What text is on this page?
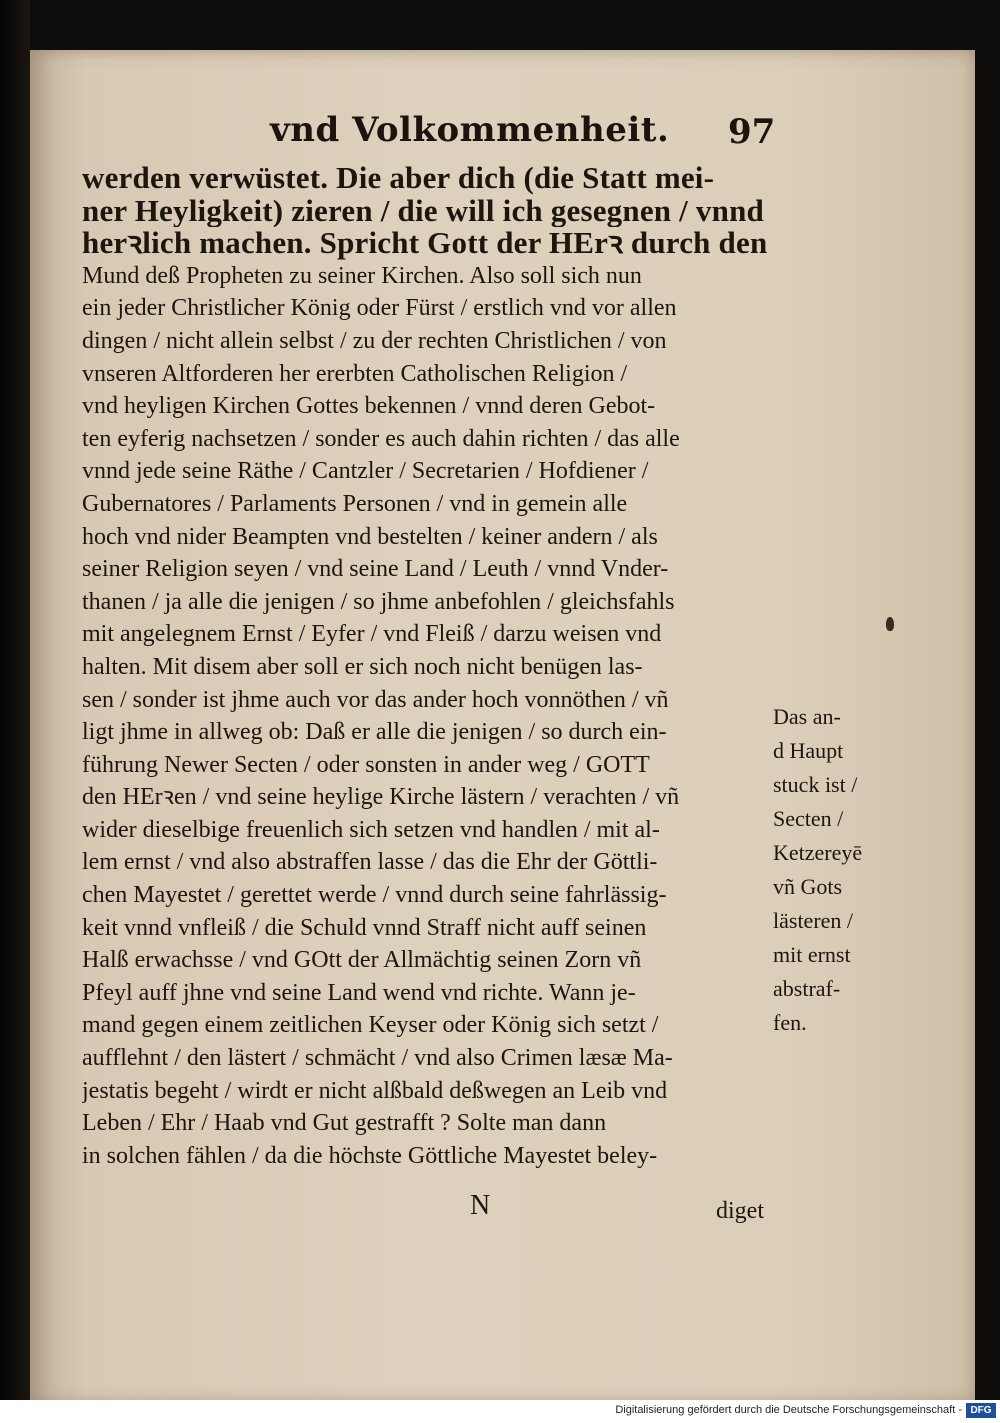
vnd Volkommenheit. 97
werden verwüstet. Die aber dich (die Statt mei-
ner Heyligkeit) zieren / die will ich gesegnen / vnnd
herꝛlich machen. Spricht Gott der HErꝛ durch den
Mund deß Propheten zu seiner Kirchen. Also soll sich nun
ein jeder Christlicher König oder Fürst / erstlich vnd vor allen
dingen / nicht allein selbst / zu der rechten Christlichen / von
vnseren Altforderen her ererbten Catholischen Religion /
vnd heyligen Kirchen Gottes bekennen / vnnd deren Gebot-
ten eyferig nachsetzen / sonder es auch dahin richten / das alle
vnnd jede seine Räthe / Cantzler / Secretarien / Hofdiener /
Gubernatores / Parlaments Personen / vnd in gemein alle
hoch vnd nider Beampten vnd bestelten / keiner andern / als
seiner Religion seyen / vnd seine Land / Leuth / vnnd Vnder-
thanen / ja alle die jenigen / so jhme anbefohlen / gleichsfahls
mit angelegnem Ernst / Eyfer / vnd Fleiß / darzu weisen vnd
halten. Mit disem aber soll er sich noch nicht benügen las-
sen / sonder ist jhme auch vor das ander hoch vonnöthen / vñ
ligt jhme in allweg ob: Daß er alle die jenigen / so durch ein-
führung Newer Secten / oder sonsten in ander weg / GOTT
den HErꝛen / vnd seine heylige Kirche lästern / verachten / vñ
wider dieselbige freuenlich sich setzen vnd handlen / mit al-
lem ernst / vnd also abstraffen lasse / das die Ehr der Göttli-
chen Mayestet / gerettet werde / vnnd durch seine fahrlässig-
keit vnnd vnfleiß / die Schuld vnnd Straff nicht auff seinen
Halß erwachsse / vnd GOtt der Allmächtig seinen Zorn vñ
Pfeyl auff jhne vnd seine Land wend vnd richte. Wann je-
mand gegen einem zeitlichen Keyser oder König sich setzt /
aufflehnt / den lästert / schmächt / vnd also Crimen læsæ Ma-
jestatis begeht / wirdt er nicht alßbald deßwegen an Leib vnd
Leben / Ehr / Haab vnd Gut gestrafft ? Solte man dann
in solchen fählen / da die höchste Göttliche Mayestet beley-
N	diget
Das an-
d Haupt
stuck ist /
Secten /
Ketzereyē
vñ Gots
lästeren /
mit ernst
abstraf-
fen.
Digitalisierung gefördert durch die Deutsche Forschungsgemeinschaft - DFG
